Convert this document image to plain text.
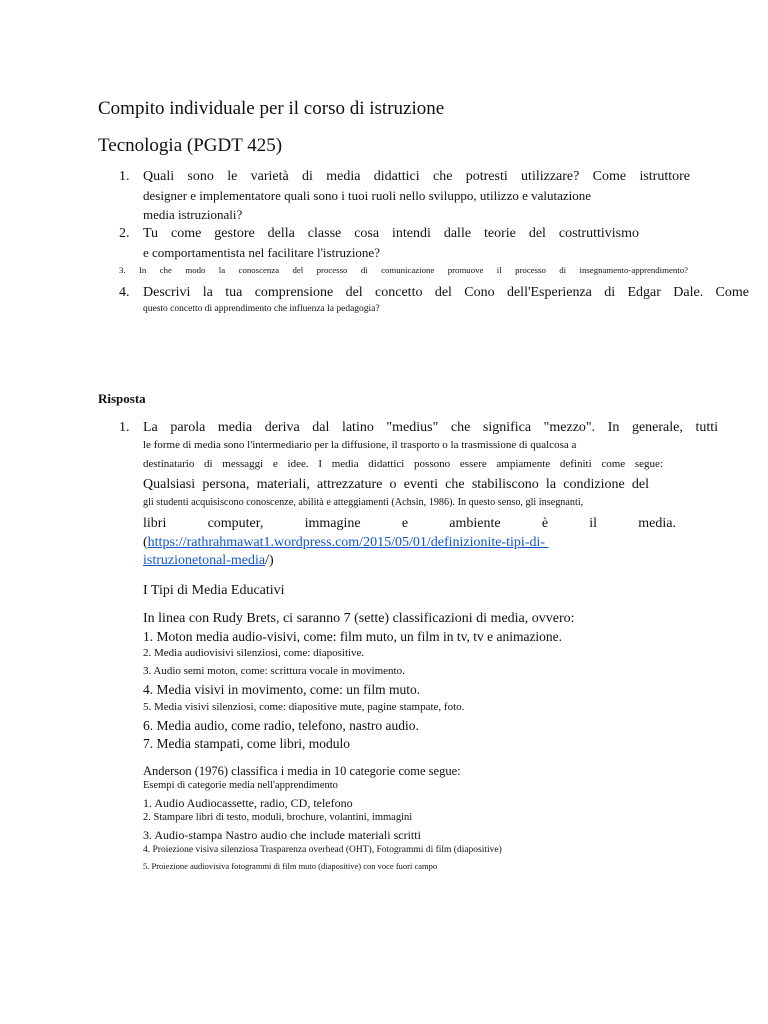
Compito individuale per il corso di istruzione
Tecnologia (PGDT 425)
1. Quali sono le varietà di media didattici che potresti utilizzare? Come istruttore
designer e implementatore quali sono i tuoi ruoli nello sviluppo, utilizzo e valutazione
media istruzionali?
2. Tu come gestore della classe cosa intendi dalle teorie del costruttivismo
e comportamentista nel facilitare l'istruzione?
3. In che modo la conoscenza del processo di comunicazione promuove il processo di insegnamento-apprendimento?
4. Descrivi la tua comprensione del concetto del Cono dell'Esperienza di Edgar Dale. Come
questo concetto di apprendimento che influenza la pedagogia?
Risposta
1. La parola media deriva dal latino "medius" che significa "mezzo". In generale, tutti
le forme di media sono l'intermediario per la diffusione, il trasporto o la trasmissione di qualcosa a
destinatario di messaggi e idee. I media didattici possono essere ampiamente definiti come segue:
Qualsiasi persona, materiali, attrezzature o eventi che stabiliscono la condizione del
gli studenti acquisiscono conoscenze, abilità e atteggiamenti (Achsin, 1986). In questo senso, gli insegnanti,
libri computer, immagine e ambiente è il media.
(https://rathrahmawat1.wordpress.com/2015/05/01/definizionite-tipi-di-
istruzionetonal-media/)
I Tipi di Media Educativi
In linea con Rudy Brets, ci saranno 7 (sette) classificazioni di media, ovvero:
1. Moton media audio-visivi, come: film muto, un film in tv, tv e animazione.
2. Media audiovisivi silenziosi, come: diapositive.
3. Audio semi moton, come: scrittura vocale in movimento.
4. Media visivi in movimento, come: un film muto.
5. Media visivi silenziosi, come: diapositive mute, pagine stampate, foto.
6. Media audio, come radio, telefono, nastro audio.
7. Media stampati, come libri, modulo
Anderson (1976) classifica i media in 10 categorie come segue:
Esempi di categorie media nell'apprendimento
1. Audio Audiocassette, radio, CD, telefono
2. Stampare libri di testo, moduli, brochure, volantini, immagini
3. Audio-stampa Nastro audio che include materiali scritti
4. Proiezione visiva silenziosa Trasparenza overhead (OHT), Fotogrammi di film (diapositive)
5. Proiezione audiovisiva fotogrammi di film muto (diapositive) con voce fuori campo
